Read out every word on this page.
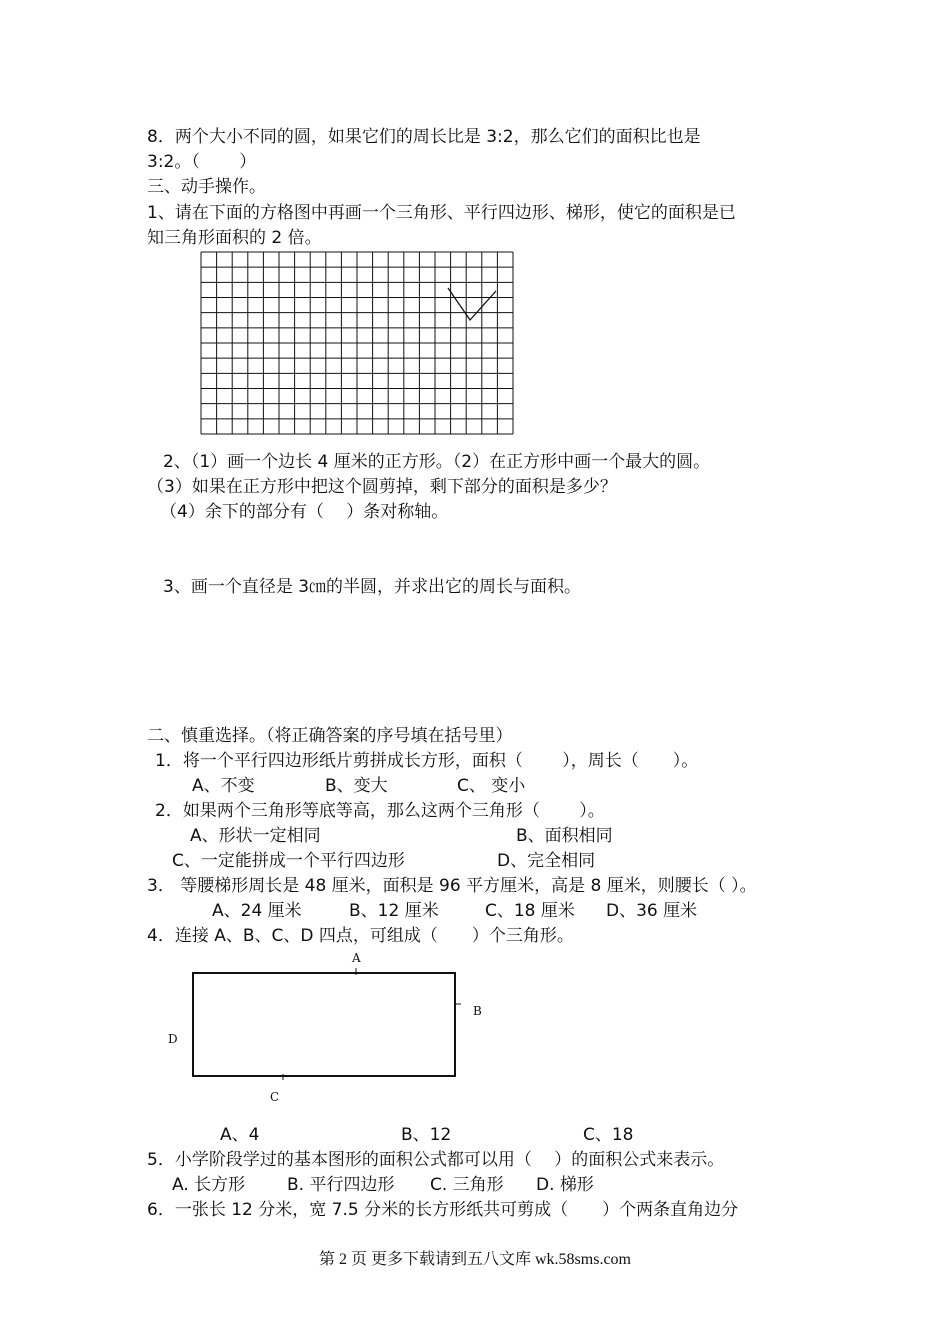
8．两个大小不同的圆，如果它们的周长比是 3:2，那么它们的面积比也是
3:2。（　　 ）
三、动手操作。
1、请在下面的方格图中再画一个三角形、平行四边形、梯形，使它的面积是已
知三角形面积的 2 倍。
A
B
C
D
2、（1）画一个边长 4 厘米的正方形。（2）在正方形中画一个最大的圆。
（3）如果在正方形中把这个圆剪掉，剩下部分的面积是多少？
（4）余下的部分有（　 ）条对称轴。
3、画一个直径是 3㎝的半圆，并求出它的周长与面积。
二、慎重选择。（将正确答案的序号填在括号里）
1．将一个平行四边形纸片剪拼成长方形，面积（　　 ），周长（　　）。
A、不变	B、变大	C、 变小
2．如果两个三角形等底等高，那么这两个三角形（　　 ）。
A、形状一定相同	B、面积相同
C、一定能拼成一个平行四边形	D、完全相同
3． 等腰梯形周长是 48 厘米，面积是 96 平方厘米，高是 8 厘米，则腰长（ ）。
A、24 厘米	B、12 厘米	C、18 厘米 D、36 厘米
4．连接 A、B、C、D 四点，可组成（　　）个三角形。
A、4	B、12	C、18
5．小学阶段学过的基本图形的面积公式都可以用（　 ）的面积公式来表示。
A. 长方形 B. 平行四边形 C. 三角形 D. 梯形
6．一张长 12 分米，宽 7.5 分米的长方形纸共可剪成（　　）个两条直角边分
第 2 页 更多下载请到五八文库 wk.58sms.com
